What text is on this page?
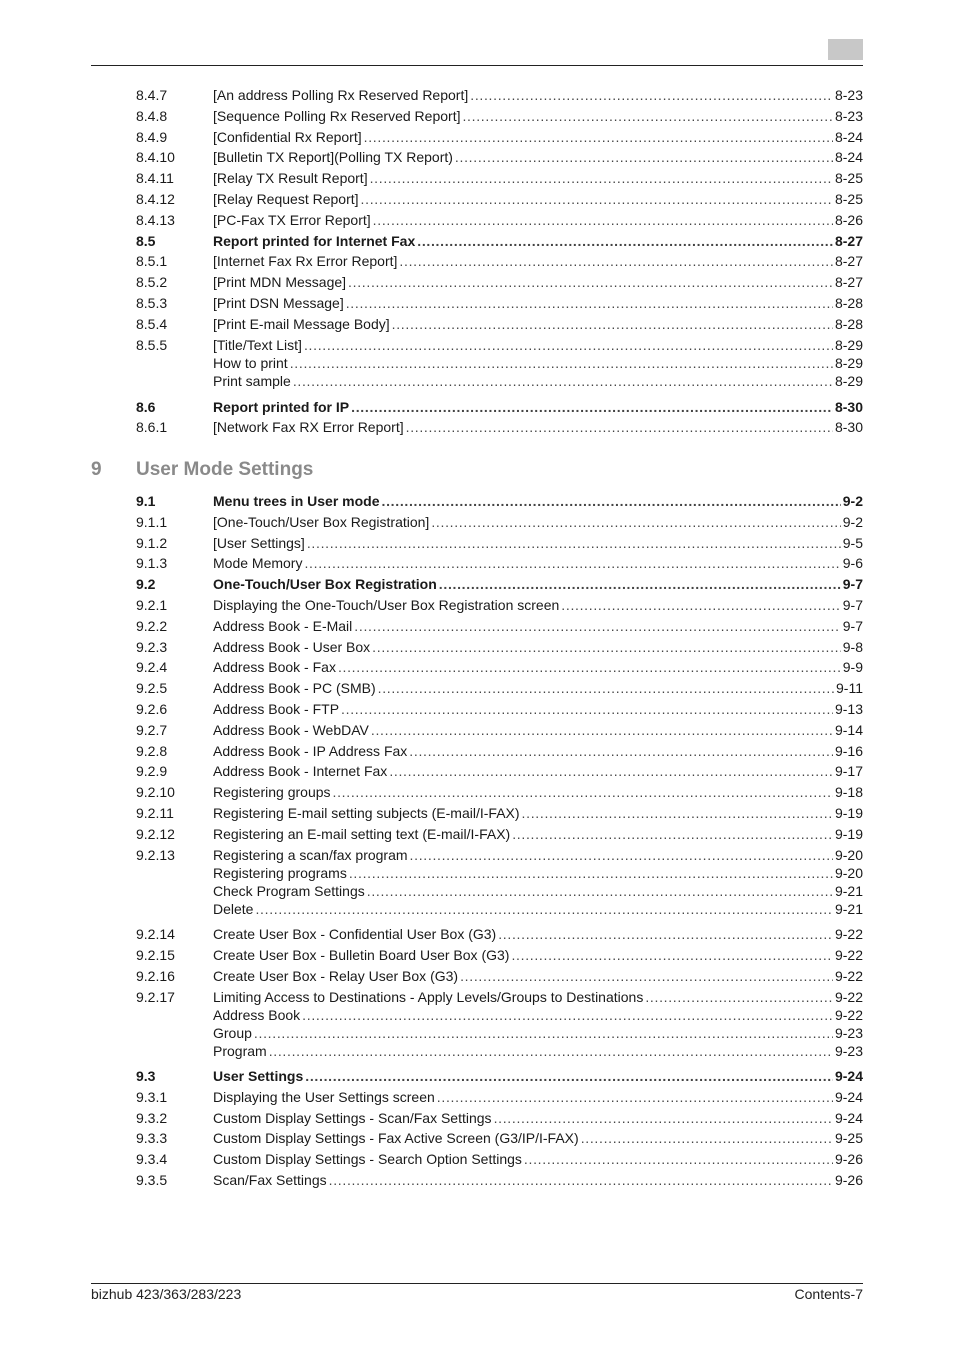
8.4.7	[An address Polling Rx Reserved Report] . . .	8-23
8.4.8	[Sequence Polling Rx Reserved Report] . . .	8-23
8.4.9	[Confidential Rx Report] . . .	8-24
8.4.10	[Bulletin TX Report](Polling TX Report) . . .	8-24
8.4.11	[Relay TX Result Report] . . .	8-25
8.4.12	[Relay Request Report] . . .	8-25
8.4.13	[PC-Fax TX Error Report] . . .	8-26
8.5	Report printed for Internet Fax . . .	8-27
8.5.1	[Internet Fax Rx Error Report] . . .	8-27
8.5.2	[Print MDN Message] . . .	8-27
8.5.3	[Print DSN Message] . . .	8-28
8.5.4	[Print E-mail Message Body] . . .	8-28
8.5.5	[Title/Text List] . . .	8-29
How to print . . .	8-29
Print sample . . .	8-29
8.6	Report printed for IP . . .	8-30
8.6.1	[Network Fax RX Error Report] . . .	8-30
9 User Mode Settings
9.1	Menu trees in User mode . . .	9-2
9.1.1	[One-Touch/User Box Registration] . . .	9-2
9.1.2	[User Settings] . . .	9-5
9.1.3	Mode Memory . . .	9-6
9.2	One-Touch/User Box Registration . . .	9-7
9.2.1	Displaying the One-Touch/User Box Registration screen . . .	9-7
9.2.2	Address Book - E-Mail . . .	9-7
9.2.3	Address Book - User Box . . .	9-8
9.2.4	Address Book - Fax . . .	9-9
9.2.5	Address Book - PC (SMB) . . .	9-11
9.2.6	Address Book - FTP . . .	9-13
9.2.7	Address Book - WebDAV . . .	9-14
9.2.8	Address Book - IP Address Fax . . .	9-16
9.2.9	Address Book - Internet Fax . . .	9-17
9.2.10	Registering groups . . .	9-18
9.2.11	Registering E-mail setting subjects (E-mail/I-FAX) . . .	9-19
9.2.12	Registering an E-mail setting text (E-mail/I-FAX) . . .	9-19
9.2.13	Registering a scan/fax program . . .	9-20
Registering programs . . .	9-20
Check Program Settings . . .	9-21
Delete . . .	9-21
9.2.14	Create User Box - Confidential User Box (G3) . . .	9-22
9.2.15	Create User Box - Bulletin Board User Box (G3) . . .	9-22
9.2.16	Create User Box - Relay User Box (G3) . . .	9-22
9.2.17	Limiting Access to Destinations - Apply Levels/Groups to Destinations . . .	9-22
Address Book . . .	9-22
Group . . .	9-23
Program . . .	9-23
9.3	User Settings . . .	9-24
9.3.1	Displaying the User Settings screen . . .	9-24
9.3.2	Custom Display Settings - Scan/Fax Settings . . .	9-24
9.3.3	Custom Display Settings - Fax Active Screen (G3/IP/I-FAX) . . .	9-25
9.3.4	Custom Display Settings - Search Option Settings . . .	9-26
9.3.5	Scan/Fax Settings . . .	9-26
bizhub 423/363/283/223	Contents-7
